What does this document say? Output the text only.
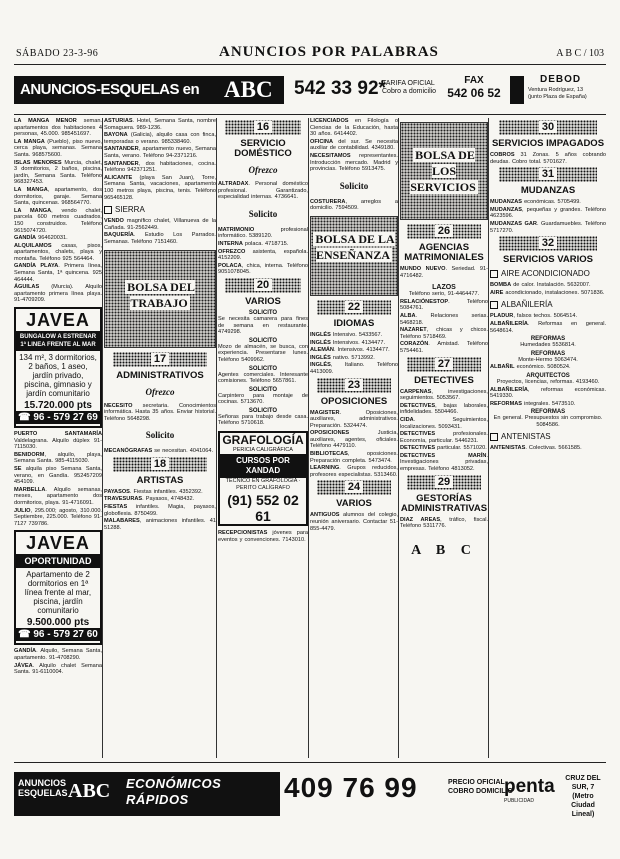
SÁBADO 23-3-96	ANUNCIOS POR PALABRAS	A B C / 103
ANUNCIOS-ESQUELAS en ABC 542 33 92*
TARIFA OFICIAL
Cobro a domicilio
FAX
542 06 52
DEBOD
Ventura Rodríguez, 13
(junto Plaza de España)

LA MANGA MENOR seman. apartamentos dos habitaciones 4 personas, 45.000. 985451697.

LA MANGA (Pueblo), piso nuevo, cerca playa, semanas. Semana Santa. 968575600.

ISLAS MENORES Murcia, chalet, 3 dormitorios, 2 baños, piscina, jardín, Semana Santa. Teléfono 968327453.

LA MANGA, apartamento, dos dormitorios, garaje. Semana Santa, quincenas. 968564770.

LA MANGA, vendo chalet, parcela 600 metros cuadrados, 150 construidos. Teléfono 9615074720.

GANDÍA 964620031.

ALQUILAMOS casas, pisos, apartamentos, chalets, playa y montaña. Teléfono 925 564464.

GANDÍA PLAYA. Primera línea, Semana Santa, 1ª quincena. 925 464444.

ÁGUILAS (Murcia). Alquilo apartamento primera línea playa. 91-4709209.

JAVEA
BUNGALOW A ESTRENAR
1ª LINEA FRENTE AL MAR
134 m², 3 dormitorios, 2 baños, 1 aseo, jardín privado, piscina, gimnasio y jardín comunitario
15.720.000 pts
☎ 96 - 579 27 69

PUERTO SANTAMARÍA Valdelagrana. Alquilo dúplex 91-7115030.

BENIDORM, alquilo, playa, Semana Santa. 985-4115030.

SE alquila piso Semana Santa, verano, en Gandía. 952457209 454109.

MARBELLA. Alquilo semanas, meses, apartamento dos dormitorios, playa. 91-4716091.

JULIO, 295.000; agosto, 310.000. Septiembre, 225.000. Teléfono 91-7127 739786.

JAVEA
OPORTUNIDAD
Apartamento de 2 dormitorios en 1ª línea frente al mar, piscina, jardín comunitario
9.500.000 pts
☎ 96 - 579 27 60

GANDÍA. Alquilo, Semana Santa, apartamento. 91-4708290.

JÁVEA. Alquilo chalet Semana Santa. 91-6110004.

ASTURIAS. Hotel, Semana Santa, nombre Somaguera. 989-1236.

BAYONA (Galicia), alquilo casa con finca, temporadas o verano. 985338460.

SANTANDER, apartamento nuevo, Semana Santa, verano. Teléfono 94-2371216.

SANTANDER, dos habitaciones, cocina. Teléfono 942371251.

ALICANTE (playa San Juan), Torre, Semana Santa, vacaciones, apartamento 100 metros playa, piscina, tenis. Teléfono 965465128.

SIERRA

VENDO magnífico chalet, Villanueva de la Cañada. 91-2562449.

BAQUERÍA. Estudio Los Parrados. Semanas. Teléfono 7151460.

BOLSA DEL TRABAJO
17
ADMINISTRATIVOS
Ofrezco

NECESITO secretaria. Conocimientos informática. Hasta 35 años. Enviar historial. Teléfono 5648298.

Solicito

MECANÓGRAFAS se necesitan. 4041064.

18
ARTISTAS

PAYASOS. Fiestas infantiles. 4352392.

TRAVESURAS. Payasos, 4748432.

FIESTAS infantiles. Magia, payasos, globoflexia. 8750499.

MALABARES, animaciones infantiles. 41 51288.

16
SERVICIO DOMÉSTICO
Ofrezco

ALTRADAX. Personal doméstico profesional. Garantizado, especialidad internas. 4736641.

Solicito

MATRIMONIO profesional informático. 5389120.

INTERNA polaca. 4718715.

OFREZCO asistenta, española. 4152209.

POLACA, chica, interna. Teléfono 9051078045.

20
VARIOS
SOLICITO

Se necesita camarera para fines de semana en restaurante. 4749298.

SOLICITO

Mozo de almacén, se busca, con experiencia. Presentarse lunes. Teléfono 5409962.

SOLICITO

Agentes comerciales. Interesante comisiones. Teléfono 5657861.

SOLICITO

Carpintero para montaje de cocinas. 5713670.

SOLICITO

Señoras para trabajo desde casa. Teléfono 5710618.

GRAFOLOGÍA
PERICIA CALIGRÁFICA
CURSOS POR XANDAD
TÉCNICO EN GRAFOLOGÍA · PERITO CALÍGRAFO
(91) 552 02 61

RECEPCIONISTAS jóvenes para eventos y convenciones. 7143010.

LICENCIADOS en Filología o Ciencias de la Educación, hasta 30 años. 6414402.

OFICINA del sur. Se necesita auxiliar de contabilidad. 4349180.

NECESITAMOS representantes. Introducción mercado. Madrid y provincias. Teléfono 5913475.

Solicito

COSTURERA, arreglos a domicilio. 7594509.

BOLSA DE LA ENSEÑANZA
22
IDIOMAS

INGLÉS Intensivo. 5433567.

INGLÉS Intensivos. 4134477.

ALEMÁN. Intensivos. 4134477.

INGLÉS nativo. 5713992.

INGLÉS, Italiano. Teléfono 4413009.

23
OPOSICIONES

MAGISTER. Oposiciones, auxiliares, administrativos. Preparación. 5324474.

OPOSICIONES Justicia, auxiliares, agentes, oficiales. Teléfono 4479110.

BIBLIOTECAS, oposiciones. Preparación completa. 5473474.

LEARNING. Grupos reducidos, profesores especialistas. 5313460.

24
VARIOS

ANTIGUOS alumnos del colegio, reunión aniversario. Contactar 51-855-4479.

BOLSA DE LOS SERVICIOS
26
AGENCIAS MATRIMONIALES

MUNDO NUEVO. Seriedad. 91-4716482.

LAZOS

Teléfono serio, 91-4464477.

RELACIÓNESTOP. Teléfono 5084761.

ALBA. Relaciones serias. 5468218.

NAZARET, chicas y chicos. Teléfono 5718469.

CORAZÓN. Amistad. Teléfono 5754461.

27
DETECTIVES

CARPENAS, investigaciones, seguimientos. 5053567.

DETECTIVES, bajas laborales, infidelidades. 5504466.

CIDA. Seguimientos, localizaciones. 5093431.

DETECTIVES profesionales. Economía, particular. 5446231.

DETECTIVES particular. 5571020.

DETECTIVES MARÍN. Investigaciones privadas, empresas. Teléfono 4813052.

29
GESTORÍAS ADMINISTRATIVAS

DIAZ AREAS, tráfico, fiscal. Teléfono 5311776.

A B C
30
SERVICIOS IMPAGADOS

COBROS 31 Zonas. 5 años cobrando deudas. Cobro total. 5701627.

31
MUDANZAS

MUDANZAS económicas. 5705499.

MUDANZAS, pequeñas y grandes. Teléfono 4623596.

MUDANZAS GAR. Guardamuebles. Teléfono 5717270.

32
SERVICIOS VARIOS
AIRE ACONDICIONADO

BOMBA de calor. Instalación. 5632007.

AIRE acondicionado, instalaciones. 5071836.

ALBAÑILERÍA

PLADUR, falsos techos. 5064514.

ALBAÑILERÍA. Reformas en general. 5648614.

REFORMAS

Humedades 5536814.

REFORMAS

Monte-Hermo 5063474.

ALBAÑIL económico. 5080524.

ARQUITECTOS

Proyectos, licencias, reformas. 4193460.

ALBAÑILERÍA, reformas económicas. 5419330.

REFORMAS integrales. 5473510.

REFORMAS

En general. Presupuestos sin compromiso. 5084586.

ANTENISTAS

ANTENISTAS. Colectivas. 5661585.

ANUNCIOS
ESQUELAS ABC ECONÓMICOS
RÁPIDOS	409 76 99	PRECIO OFICIAL
COBRO DOMICILIO
penta
PUBLICIDAD
CRUZ DEL SUR, 7
(Metro Ciudad Lineal)
